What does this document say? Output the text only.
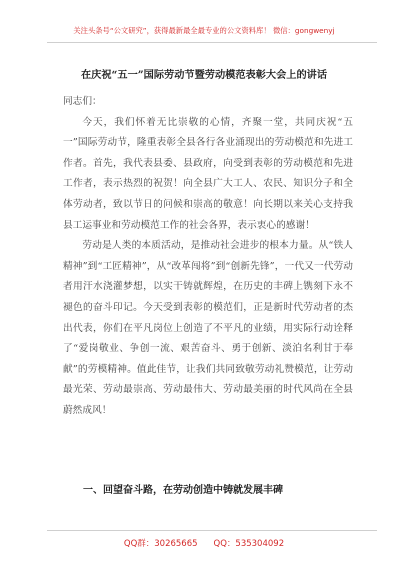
关注头条号“公文研究”，获得最新最全最专业的公文资料库！ 微信：gongwenyj
在庆祝“五一”国际劳动节暨劳动模范表彰大会上的讲话

同志们：

今天，我们怀着无比崇敬的心情，齐聚一堂，共同庆祝“五一”国际劳动节，隆重表彰全县各行各业涌现出的劳动模范和先进工作者。首先，我代表县委、县政府，向受到表彰的劳动模范和先进工作者，表示热烈的祝贺！向全县广大工人、农民、知识分子和全体劳动者，致以节日的问候和崇高的敬意！向长期以来关心支持我县工运事业和劳动模范工作的社会各界，表示衷心的感谢！

劳动是人类的本质活动，是推动社会进步的根本力量。从“铁人精神”到“工匠精神”，从“改革闯将”到“创新先锋”，一代又一代劳动者用汗水浇灌梦想，以实干铸就辉煌，在历史的丰碑上镌刻下永不褪色的奋斗印记。今天受到表彰的模范们，正是新时代劳动者的杰出代表，你们在平凡岗位上创造了不平凡的业绩，用实际行动诠释了“爱岗敬业、争创一流、艰苦奋斗、勇于创新、淡泊名利甘于奉献”的劳模精神。值此佳节，让我们共同致敬劳动礼赞模范，让劳动最光荣、劳动最崇高、劳动最伟大、劳动最美丽的时代风尚在全县蔚然成风！

一、回望奋斗路，在劳动创造中铸就发展丰碑
QQ群：30265665 QQ：535304092
